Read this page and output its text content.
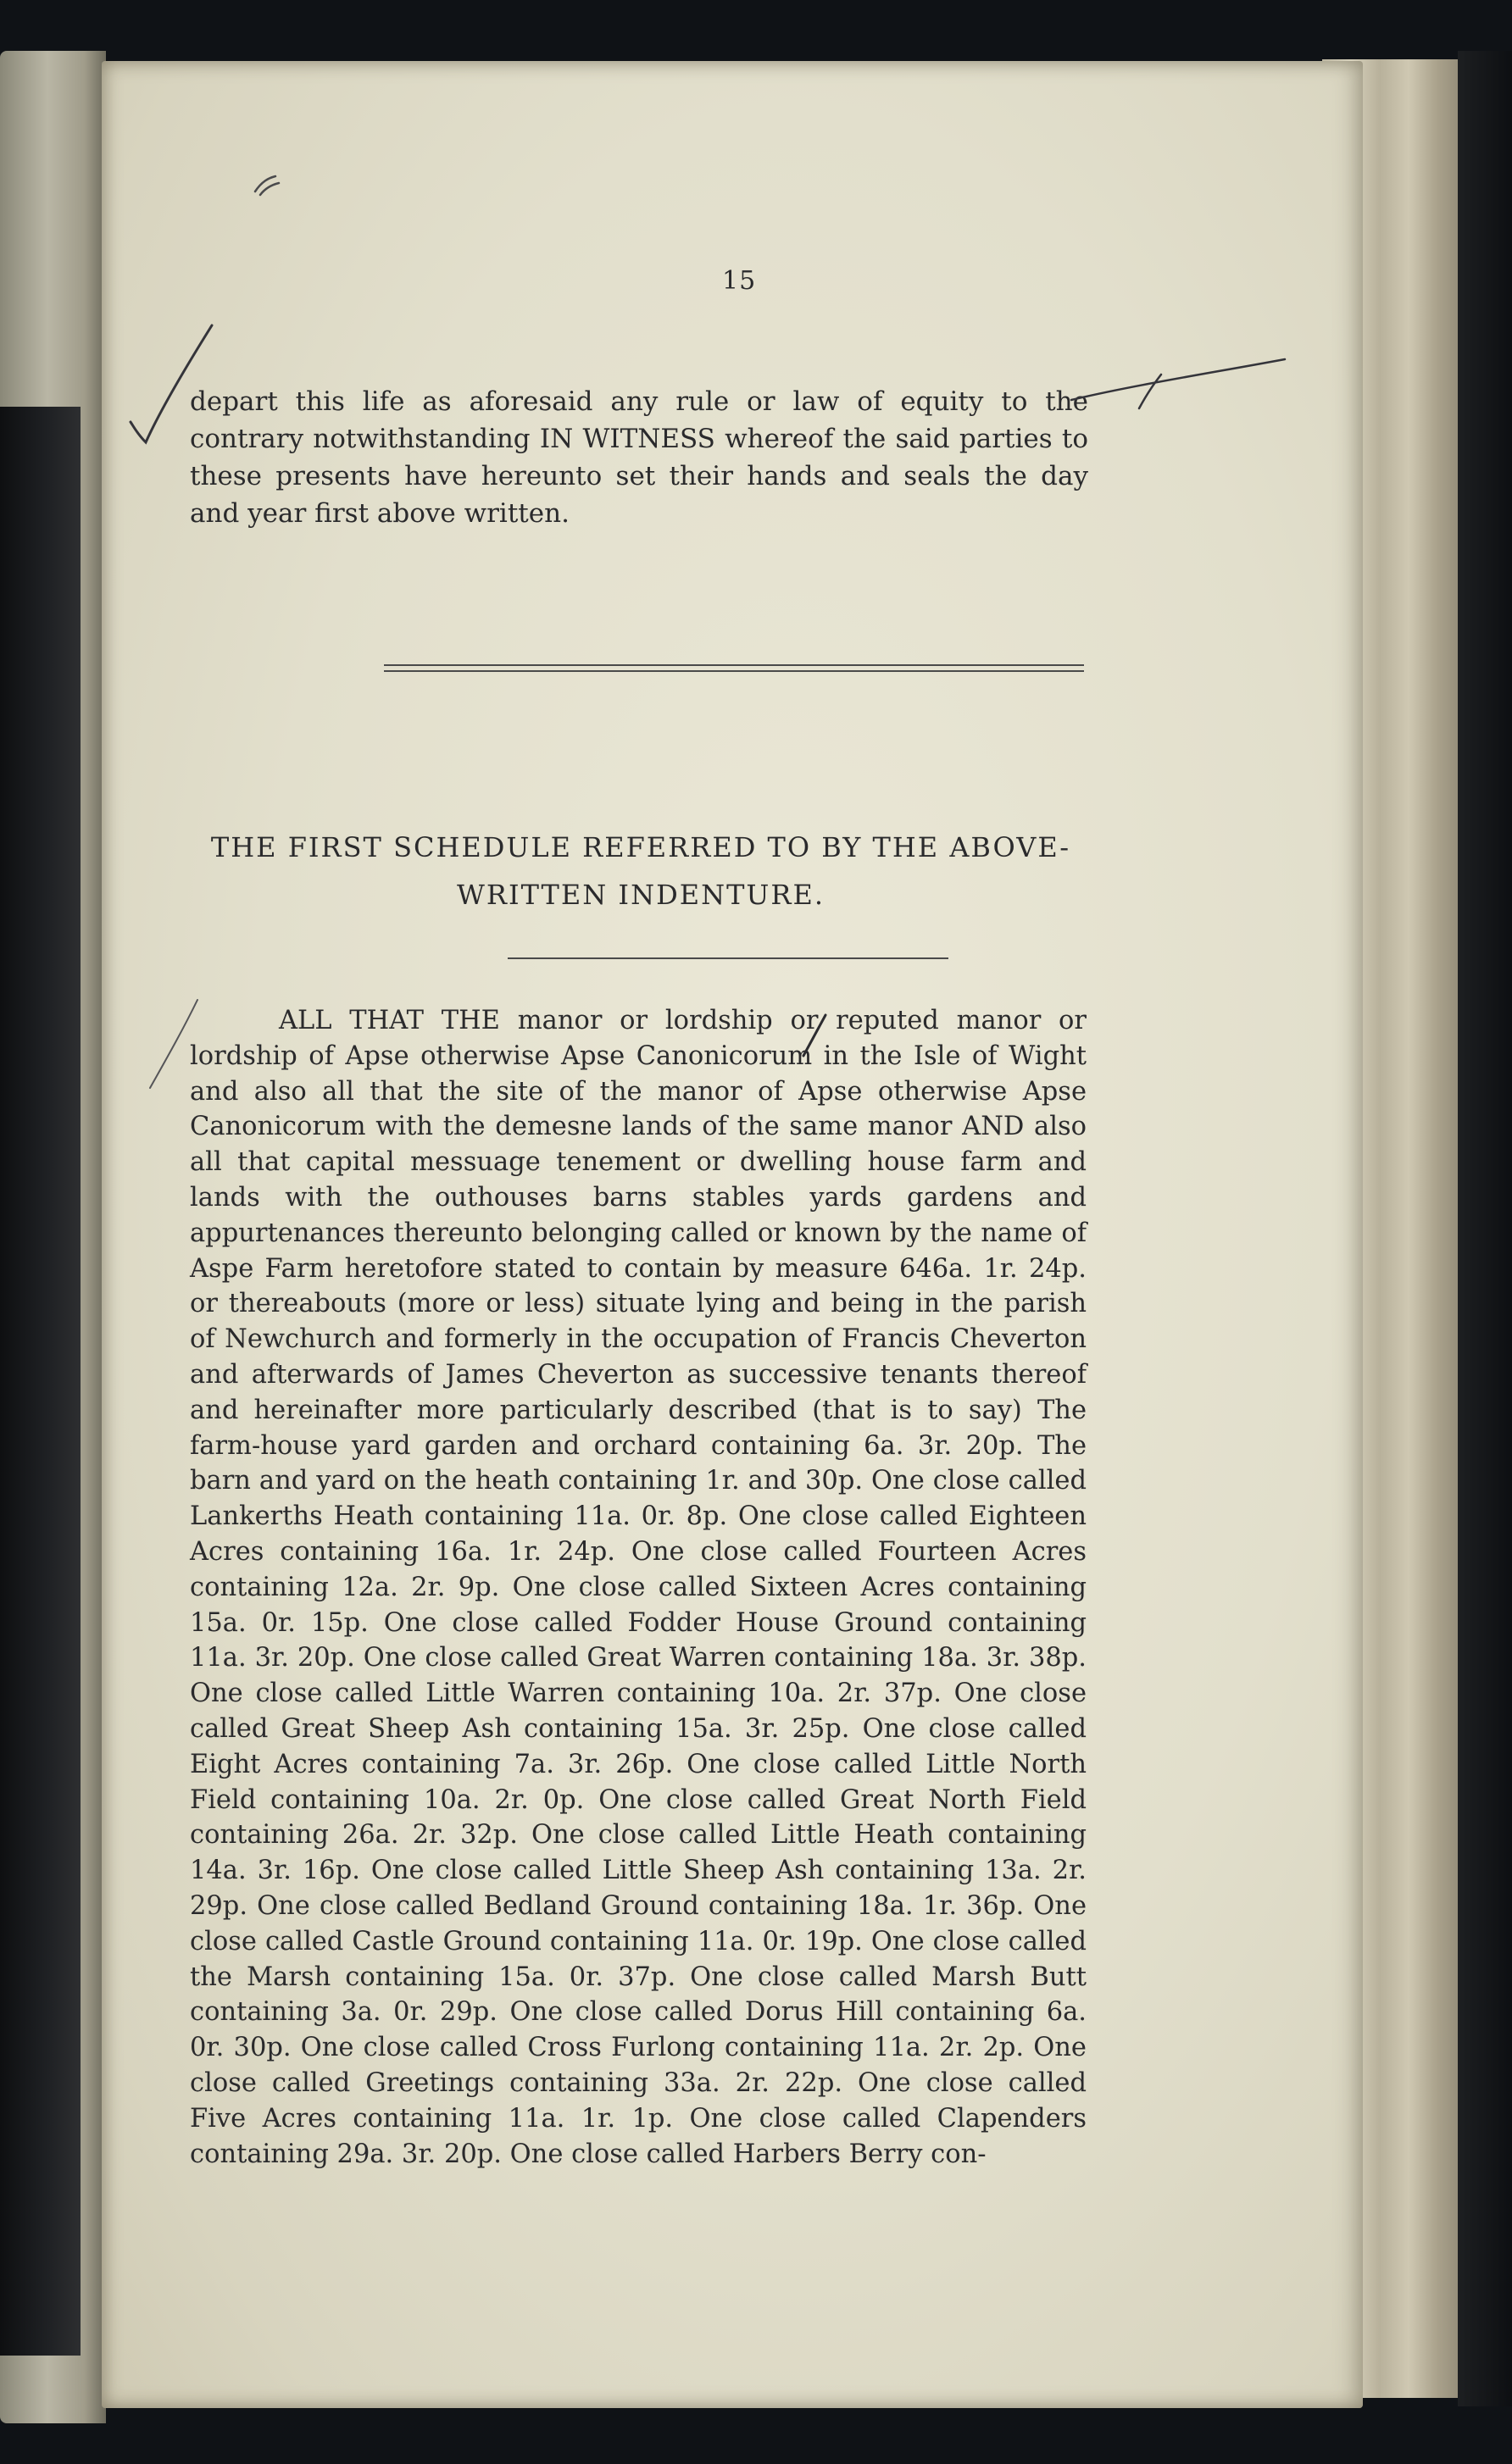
15
depart this life as aforesaid any rule or law of equity to the contrary notwithstanding IN WITNESS whereof the said parties to these presents have hereunto set their hands and seals the day and year first above written.
THE FIRST SCHEDULE REFERRED TO BY THE ABOVE-WRITTEN INDENTURE.
ALL THAT THE manor or lordship or reputed manor or lordship of Apse otherwise Apse Canonicorum in the Isle of Wight and also all that the site of the manor of Apse otherwise Apse Canonicorum with the demesne lands of the same manor AND also all that capital messuage tenement or dwelling house farm and lands with the outhouses barns stables yards gardens and appurtenances thereunto belonging called or known by the name of Aspe Farm heretofore stated to contain by measure 646a. 1r. 24p. or thereabouts (more or less) situate lying and being in the parish of Newchurch and formerly in the occupation of Francis Cheverton and afterwards of James Cheverton as successive tenants thereof and hereinafter more particularly described (that is to say) The farm-house yard garden and orchard containing 6a. 3r. 20p. The barn and yard on the heath containing 1r. and 30p. One close called Lankerths Heath containing 11a. 0r. 8p. One close called Eighteen Acres containing 16a. 1r. 24p. One close called Fourteen Acres containing 12a. 2r. 9p. One close called Sixteen Acres containing 15a. 0r. 15p. One close called Fodder House Ground containing 11a. 3r. 20p. One close called Great Warren containing 18a. 3r. 38p. One close called Little Warren containing 10a. 2r. 37p. One close called Great Sheep Ash containing 15a. 3r. 25p. One close called Eight Acres containing 7a. 3r. 26p. One close called Little North Field containing 10a. 2r. 0p. One close called Great North Field containing 26a. 2r. 32p. One close called Little Heath containing 14a. 3r. 16p. One close called Little Sheep Ash containing 13a. 2r. 29p. One close called Bedland Ground containing 18a. 1r. 36p. One close called Castle Ground containing 11a. 0r. 19p. One close called the Marsh containing 15a. 0r. 37p. One close called Marsh Butt containing 3a. 0r. 29p. One close called Dorus Hill containing 6a. 0r. 30p. One close called Cross Furlong containing 11a. 2r. 2p. One close called Greetings containing 33a. 2r. 22p. One close called Five Acres containing 11a. 1r. 1p. One close called Clapenders containing 29a. 3r. 20p. One close called Harbers Berry con-
